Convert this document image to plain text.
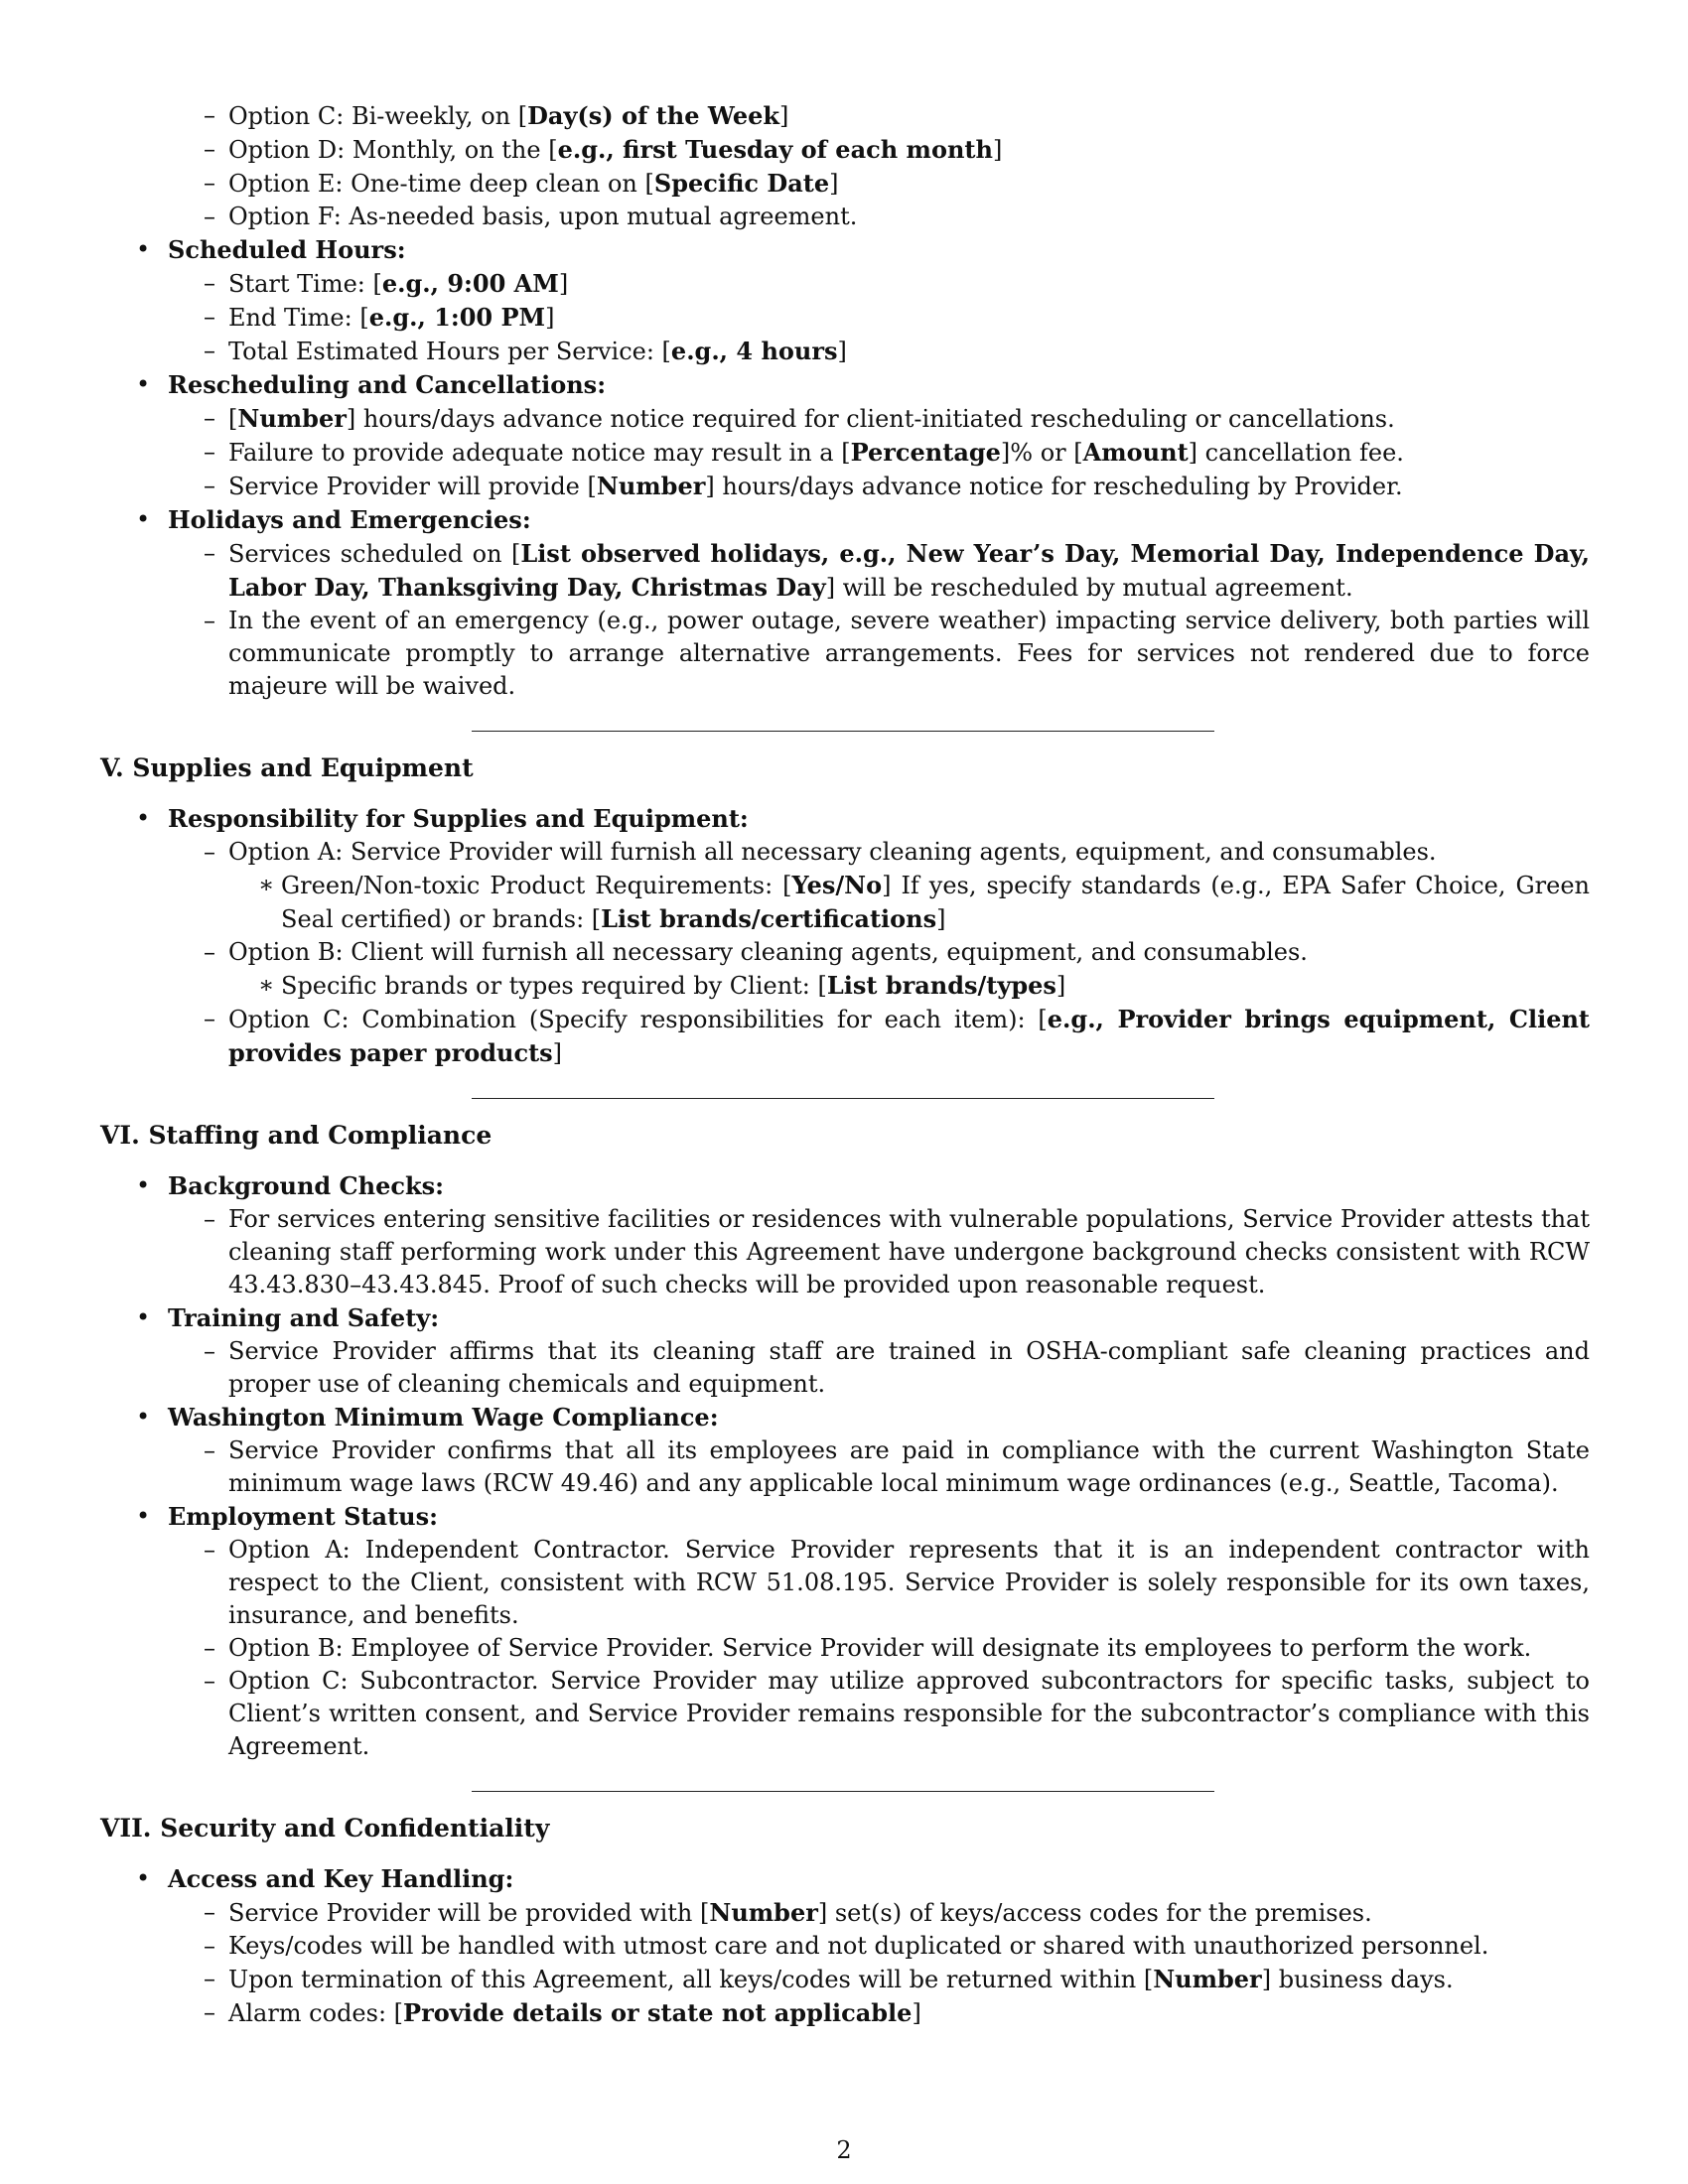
– Option C: Bi-weekly, on [Day(s) of the Week]
– Option D: Monthly, on the [e.g., first Tuesday of each month]
– Option E: One-time deep clean on [Specific Date]
– Option F: As-needed basis, upon mutual agreement.
• Scheduled Hours:
– Start Time: [e.g., 9:00 AM]
– End Time: [e.g., 1:00 PM]
– Total Estimated Hours per Service: [e.g., 4 hours]
• Rescheduling and Cancellations:
– [Number] hours/days advance notice required for client-initiated rescheduling or cancellations.
– Failure to provide adequate notice may result in a [Percentage]% or [Amount] cancellation fee.
– Service Provider will provide [Number] hours/days advance notice for rescheduling by Provider.
• Holidays and Emergencies:
– Services scheduled on [List observed holidays, e.g., New Year’s Day, Memorial Day, Independence Day, Labor Day, Thanksgiving Day, Christmas Day] will be rescheduled by mutual agreement.
– In the event of an emergency (e.g., power outage, severe weather) impacting service delivery, both parties will communicate promptly to arrange alternative arrangements. Fees for services not rendered due to force majeure will be waived.
V. Supplies and Equipment
• Responsibility for Supplies and Equipment:
– Option A: Service Provider will furnish all necessary cleaning agents, equipment, and consumables.
∗ Green/Non-toxic Product Requirements: [Yes/No] If yes, specify standards (e.g., EPA Safer Choice, Green Seal certified) or brands: [List brands/certifications]
– Option B: Client will furnish all necessary cleaning agents, equipment, and consumables.
∗ Specific brands or types required by Client: [List brands/types]
– Option C: Combination (Specify responsibilities for each item): [e.g., Provider brings equipment, Client provides paper products]
VI. Staffing and Compliance
• Background Checks:
– For services entering sensitive facilities or residences with vulnerable populations, Service Provider attests that cleaning staff performing work under this Agreement have undergone background checks consistent with RCW 43.43.830–43.43.845. Proof of such checks will be provided upon reasonable request.
• Training and Safety:
– Service Provider affirms that its cleaning staff are trained in OSHA-compliant safe cleaning practices and proper use of cleaning chemicals and equipment.
• Washington Minimum Wage Compliance:
– Service Provider confirms that all its employees are paid in compliance with the current Washington State minimum wage laws (RCW 49.46) and any applicable local minimum wage ordinances (e.g., Seattle, Tacoma).
• Employment Status:
– Option A: Independent Contractor. Service Provider represents that it is an independent contractor with respect to the Client, consistent with RCW 51.08.195. Service Provider is solely responsible for its own taxes, insurance, and benefits.
– Option B: Employee of Service Provider. Service Provider will designate its employees to perform the work.
– Option C: Subcontractor. Service Provider may utilize approved subcontractors for specific tasks, subject to Client’s written consent, and Service Provider remains responsible for the subcontractor’s compliance with this Agreement.
VII. Security and Confidentiality
• Access and Key Handling:
– Service Provider will be provided with [Number] set(s) of keys/access codes for the premises.
– Keys/codes will be handled with utmost care and not duplicated or shared with unauthorized personnel.
– Upon termination of this Agreement, all keys/codes will be returned within [Number] business days.
– Alarm codes: [Provide details or state not applicable]
2
